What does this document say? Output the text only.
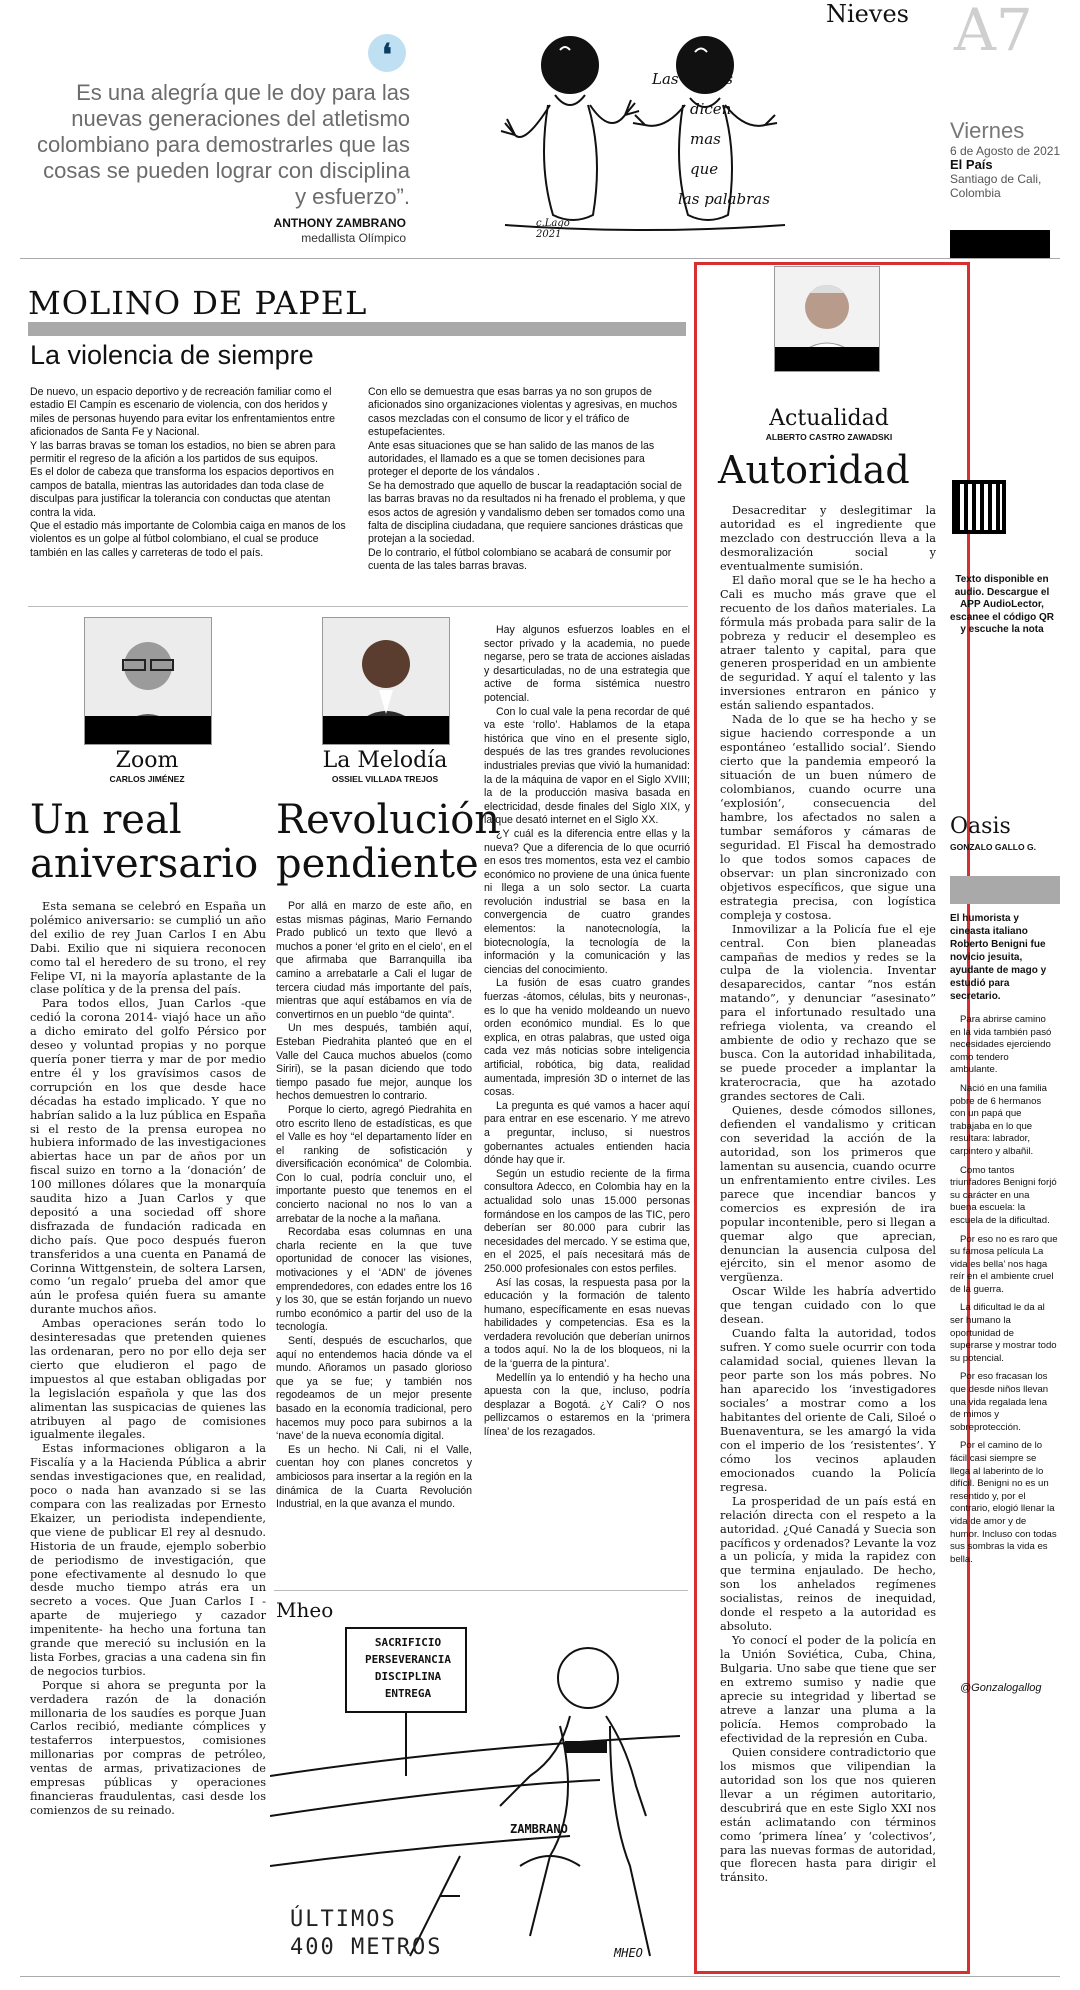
❛
Es una alegría que le doy para las nuevas generaciones del atletismo colombiano para demostrarles que las cosas se pueden lograr con disciplina y esfuerzo”.
ANTHONY ZAMBRANO
medallista Olímpico
Las manos
dicen
mas
que
las palabras
c.Lago 2021
Nieves A7
Viernes
6 de Agosto de 2021
El País
Santiago de Cali, Colombia
MOLINO DE PAPEL
La violencia de siempre
De nuevo, un espacio deportivo y de recreación familiar como el estadio El Campín es escenario de violencia, con dos heridos y miles de personas huyendo para evitar los enfrentamientos entre aficionados de Santa Fe y Nacional.
Y las barras bravas se toman los estadios, no bien se abren para permitir el regreso de la afición a los partidos de sus equipos.
Es el dolor de cabeza que transforma los espacios deportivos en campos de batalla, mientras las autoridades dan toda clase de disculpas para justificar la tolerancia con conductas que atentan contra la vida.
Que el estadio más importante de Colombia caiga en manos de los violentos es un golpe al fútbol colombiano, el cual se produce también en las calles y carreteras de todo el país.
Con ello se demuestra que esas barras ya no son grupos de aficionados sino organizaciones violentas y agresivas, en muchos casos mezcladas con el consumo de licor y el tráfico de estupefacientes.
Ante esas situaciones que se han salido de las manos de las autoridades, el llamado es a que se tomen decisiones para proteger el deporte de los vándalos .
Se ha demostrado que aquello de buscar la readaptación social de las barras bravas no da resultados ni ha frenado el problema, y que esos actos de agresión y vandalismo deben ser tomados como una falta de disciplina ciudadana, que requiere sanciones drásticas que protejan a la sociedad.
De lo contrario, el fútbol colombiano se acabará de consumir por cuenta de las tales barras bravas.
Zoom
CARLOS JIMÉNEZ
Un real aniversario

Esta semana se celebró en España un polémico aniversario: se cumplió un año del exilio de rey Juan Carlos I en Abu Dabi. Exilio que ni siquiera reconocen como tal el heredero de su trono, el rey Felipe VI, ni la mayoría aplastante de la clase política y de la prensa del país.

Para todos ellos, Juan Carlos -que cedió la corona 2014- viajó hace un año a dicho emirato del golfo Pérsico por deseo y voluntad propias y no porque quería poner tierra y mar de por medio entre él y los gravísimos casos de corrupción en los que desde hace décadas ha estado implicado. Y que no habrían salido a la luz pública en España si el resto de la prensa europea no hubiera informado de las investigaciones abiertas hace un par de años por un fiscal suizo en torno a la ‘donación’ de 100 millones dólares que la monarquía saudita hizo a Juan Carlos y que depositó a una sociedad off shore disfrazada de fundación radicada en dicho país. Que poco después fueron transferidos a una cuenta en Panamá de Corinna Wittgenstein, de soltera Larsen, como ‘un regalo’ prueba del amor que aún le profesa quién fuera su amante durante muchos años.

Ambas operaciones serán todo lo desinteresadas que pretenden quienes las ordenaran, pero no por ello deja ser cierto que eludieron el pago de impuestos al que estaban obligadas por la legislación española y que las dos alimentan las suspicacias de quienes las atribuyen al pago de comisiones igualmente ilegales.

Estas informaciones obligaron a la Fiscalía y a la Hacienda Pública a abrir sendas investigaciones que, en realidad, poco o nada han avanzado si se las compara con las realizadas por Ernesto Ekaizer, un periodista independiente, que viene de publicar El rey al desnudo. Historia de un fraude, ejemplo soberbio de periodismo de investigación, que pone efectivamente al desnudo lo que desde mucho tiempo atrás era un secreto a voces. Que Juan Carlos I -aparte de mujeriego y cazador impenitente- ha hecho una fortuna tan grande que mereció su inclusión en la lista Forbes, gracias a una cadena sin fin de negocios turbios.

Porque si ahora se pregunta por la verdadera razón de la donación millonaria de los saudíes es porque Juan Carlos recibió, mediante cómplices y testaferros interpuestos, comisiones millonarias por compras de petróleo, ventas de armas, privatizaciones de empresas públicas y operaciones financieras fraudulentas, casi desde los comienzos de su reinado.

La Melodía
OSSIEL VILLADA TREJOS
Revolución pendiente

Por allá en marzo de este año, en estas mismas páginas, Mario Fernando Prado publicó un texto que llevó a muchos a poner ‘el grito en el cielo’, en el que afirmaba que Barranquilla iba camino a arrebatarle a Cali el lugar de tercera ciudad más importante del país, mientras que aquí estábamos en vía de convertirnos en un pueblo “de quinta”.

Un mes después, también aquí, Esteban Piedrahita planteó que en el Valle del Cauca muchos abuelos (como Siriri), se la pasan diciendo que todo tiempo pasado fue mejor, aunque los hechos demuestren lo contrario.

Porque lo cierto, agregó Piedrahita en otro escrito lleno de estadísticas, es que el Valle es hoy “el departamento líder en el ranking de sofisticación y diversificación económica” de Colombia. Con lo cual, podría concluir uno, el importante puesto que tenemos en el concierto nacional no nos lo van a arrebatar de la noche a la mañana.

Recordaba esas columnas en una charla reciente en la que tuve oportunidad de conocer las visiones, motivaciones y el ‘ADN’ de jóvenes emprendedores, con edades entre los 16 y los 30, que se están forjando un nuevo rumbo económico a partir del uso de la tecnología.

Sentí, después de escucharlos, que aquí no entendemos hacia dónde va el mundo. Añoramos un pasado glorioso que ya se fue; y también nos regodeamos de un mejor presente basado en la economía tradicional, pero hacemos muy poco para subirnos a la ‘nave’ de la nueva economía digital.

Es un hecho. Ni Cali, ni el Valle, cuentan hoy con planes concretos y ambiciosos para insertar a la región en la dinámica de la Cuarta Revolución Industrial, en la que avanza el mundo.

Hay algunos esfuerzos loables en el sector privado y la academia, no puede negarse, pero se trata de acciones aisladas y desarticuladas, no de una estrategia que active de forma sistémica nuestro potencial.

Con lo cual vale la pena recordar de qué va este ‘rollo’. Hablamos de la etapa histórica que vino en el presente siglo, después de las tres grandes revoluciones industriales previas que vivió la humanidad: la de la máquina de vapor en el Siglo XVIII; la de la producción masiva basada en electricidad, desde finales del Siglo XIX, y la que desató internet en el Siglo XX.

¿Y cuál es la diferencia entre ellas y la nueva? Que a diferencia de lo que ocurrió en esos tres momentos, esta vez el cambio económico no proviene de una única fuente ni llega a un solo sector. La cuarta revolución industrial se basa en la convergencia de cuatro grandes elementos: la nanotecnología, la biotecnología, la tecnología de la información y la comunicación y las ciencias del conocimiento.

La fusión de esas cuatro grandes fuerzas -átomos, células, bits y neuronas-, es lo que ha venido moldeando un nuevo orden económico mundial. Es lo que explica, en otras palabras, que usted oiga cada vez más noticias sobre inteligencia artificial, robótica, big data, realidad aumentada, impresión 3D o internet de las cosas.

La pregunta es qué vamos a hacer aquí para entrar en ese escenario. Y me atrevo a preguntar, incluso, si nuestros gobernantes actuales entienden hacia dónde hay que ir.

Según un estudio reciente de la firma consultora Adecco, en Colombia hay en la actualidad solo unas 15.000 personas formándose en los campos de las TIC, pero deberían ser 80.000 para cubrir las necesidades del mercado. Y se estima que, en el 2025, el país necesitará más de 250.000 profesionales con estos perfiles.

Así las cosas, la respuesta pasa por la educación y la formación de talento humano, específicamente en esas nuevas habilidades y competencias. Esa es la verdadera revolución que deberían unirnos a todos aquí. No la de los bloqueos, ni la de la ‘guerra de la pintura’.

Medellín ya lo entendió y ha hecho una apuesta con la que, incluso, podría desplazar a Bogotá. ¿Y Cali? O nos pellizcamos o estaremos en la ‘primera línea’ de los rezagados.

Mheo
SACRIFICIO
PERSEVERANCIA
DISCIPLINA
ENTREGA
ZAMBRANO
ÚLTIMOS
400 METROS	MHEO
Actualidad
ALBERTO CASTRO ZAWADSKI
Autoridad

Desacreditar y deslegitimar la autoridad es el ingrediente que mezclado con destrucción lleva a la desmoralización social y eventualmente sumisión.

El daño moral que se le ha hecho a Cali es mucho más grave que el recuento de los daños materiales. La fórmula más probada para salir de la pobreza y reducir el desempleo es atraer talento y capital, para que generen prosperidad en un ambiente de seguridad. Y aquí el talento y las inversiones entraron en pánico y están saliendo espantados.

Nada de lo que se ha hecho y se sigue haciendo corresponde a un espontáneo ‘estallido social’. Siendo cierto que la pandemia empeoró la situación de un buen número de colombianos, cuando ocurre una ‘explosión’, consecuencia del hambre, los afectados no salen a tumbar semáforos y cámaras de seguridad. El Fiscal ha demostrado lo que todos somos capaces de observar: un plan sincronizado con objetivos específicos, que sigue una estrategia precisa, con logística compleja y costosa.

Inmovilizar a la Policía fue el eje central. Con bien planeadas campañas de medios y redes se la culpa de la violencia. Inventar desaparecidos, cantar “nos están matando”, y denunciar “asesinato” para el infortunado resultado una refriega violenta, va creando el ambiente de odio y rechazo que se busca. Con la autoridad inhabilitada, se puede proceder a implantar la kraterocracia, que ha azotado grandes sectores de Cali.

Quienes, desde cómodos sillones, defienden el vandalismo y critican con severidad la acción de la autoridad, son los primeros que lamentan su ausencia, cuando ocurre un enfrentamiento entre civiles. Les parece que incendiar bancos y comercios es expresión de ira popular incontenible, pero si llegan a quemar algo que aprecian, denuncian la ausencia culposa del ejército, sin el menor asomo de vergüenza.

Oscar Wilde les habría advertido que tengan cuidado con lo que desean.

Cuando falta la autoridad, todos sufren. Y como suele ocurrir con toda calamidad social, quienes llevan la peor parte son los más pobres. No han aparecido los ‘investigadores sociales’ a mostrar como a los habitantes del oriente de Cali, Siloé o Buenaventura, se les amargó la vida con el imperio de los ‘resistentes’. Y cómo los vecinos aplauden emocionados cuando la Policía regresa.

La prosperidad de un país está en relación directa con el respeto a la autoridad. ¿Qué Canadá y Suecia son pacíficos y ordenados? Levante la voz a un policía, y mida la rapidez con que termina enjaulado. De hecho, son los anhelados regímenes socialistas, reinos de inequidad, donde el respeto a la autoridad es absoluto.

Yo conocí el poder de la policía en la Unión Soviética, Cuba, China, Bulgaria. Uno sabe que tiene que ser en extremo sumiso y nadie que aprecie su integridad y libertad se atreve a lanzar una pluma a la policía. Hemos comprobado la efectividad de la represión en Cuba.

Quien considere contradictorio que los mismos que vilipendian la autoridad son los que nos quieren llevar a un régimen autoritario, descubrirá que en este Siglo XXI nos están aclimatando con términos como ‘primera línea’ y ‘colectivos’, para las nuevas formas de autoridad, que florecen hasta para dirigir el tránsito.

Texto disponible en audio. Descargue el APP AudioLector, escanee el código QR y escuche la nota
Oasis
GONZALO GALLO G.
El humorista y cineasta italiano Roberto Benigni fue novicio jesuita, ayudante de mago y estudió para secretario.

Para abrirse camino en la vida también pasó necesidades ejerciendo como tendero ambulante.

Nació en una familia pobre de 6 hermanos con un papá que trabajaba en lo que resultara: labrador, carpintero y albañil.

Como tantos triunfadores Benigni forjó su carácter en una buena escuela: la escuela de la dificultad.

Por eso no es raro que su famosa película La vida es bella’ nos haga reír en el ambiente cruel de la guerra.

La dificultad le da al ser humano la oportunidad de superarse y mostrar todo su potencial.

Por eso fracasan los que desde niños llevan una vida regalada lena de mimos y sobreprotección.

Por el camino de lo fácil casi siempre se llega al laberinto de lo difícil. Benigni no es un resentido y, por el contrario, elogió llenar la vida de amor y de humor. Incluso con todas sus sombras la vida es bella.

@Gonzalogallog
